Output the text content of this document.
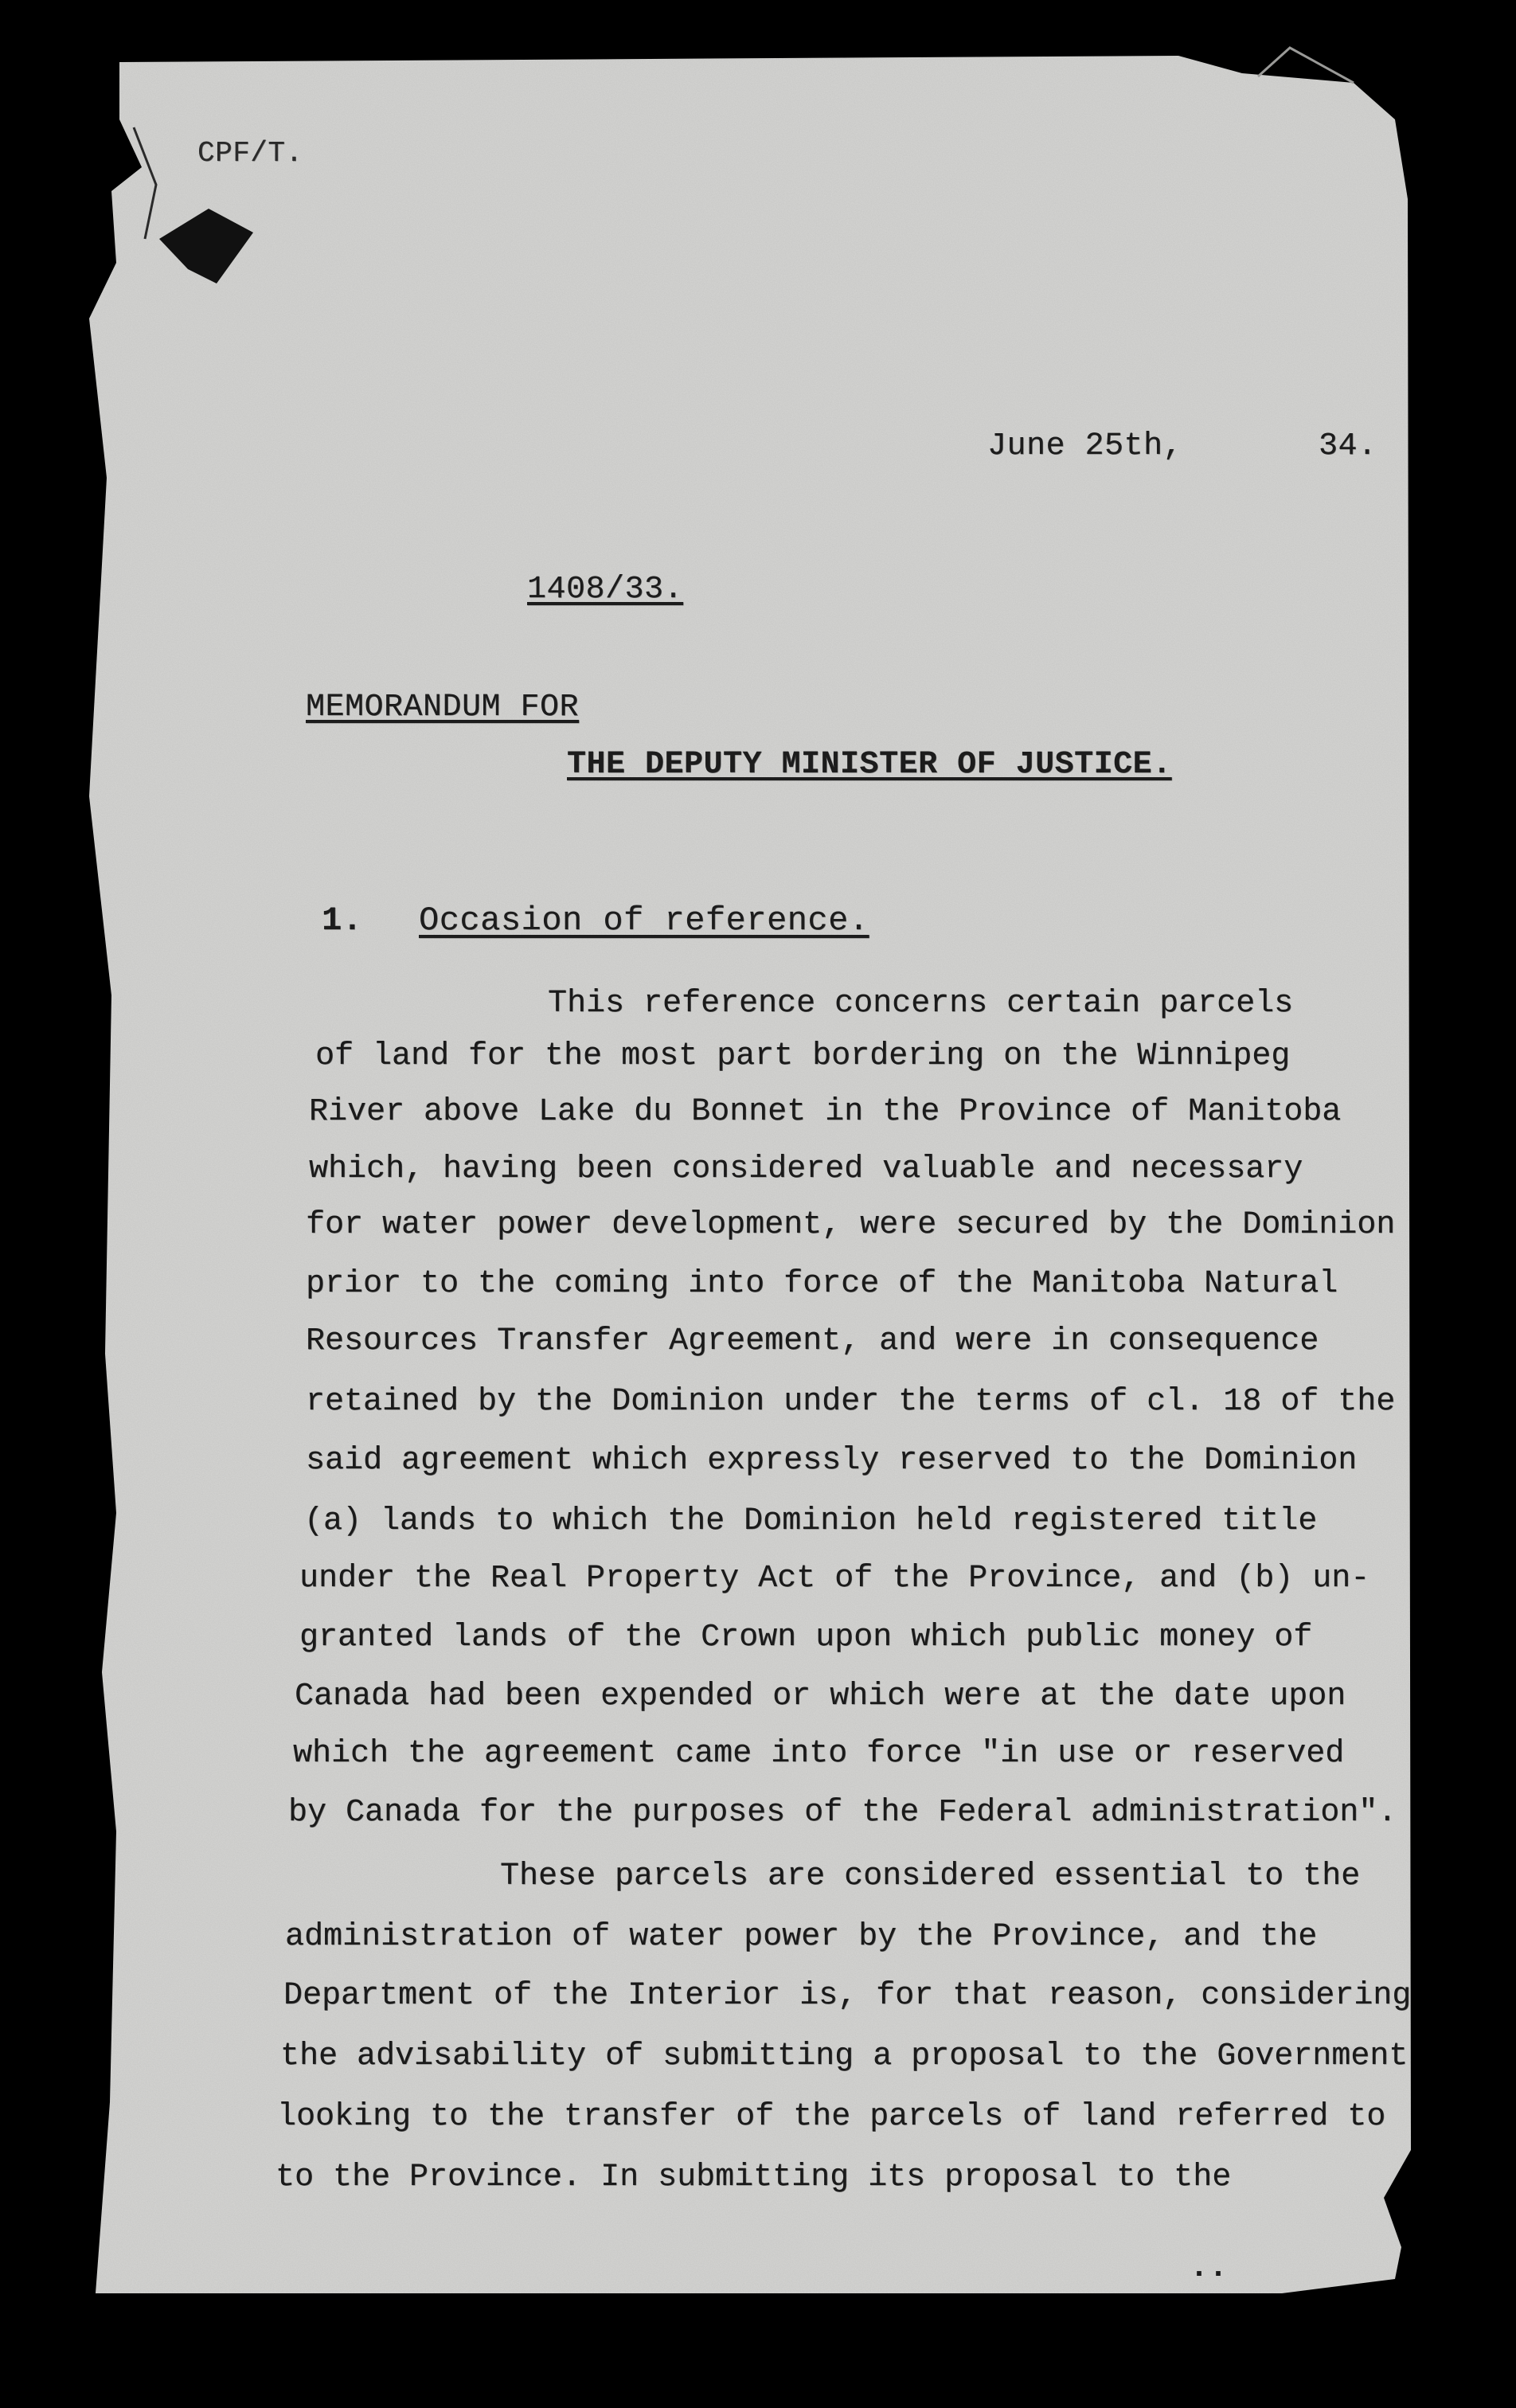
CPF/T.
June 25th,	34.
1408/33.
MEMORANDUM FOR
THE DEPUTY MINISTER OF JUSTICE.
1. Occasion of reference.
This reference concerns certain parcels
of land for the most part bordering on the Winnipeg
River above Lake du Bonnet in the Province of Manitoba
which, having been considered valuable and necessary
for water power development, were secured by the Dominion
prior to the coming into force of the Manitoba Natural
Resources Transfer Agreement, and were in consequence
retained by the Dominion under the terms of cl. 18 of the
said agreement which expressly reserved to the Dominion
(a) lands to which the Dominion held registered title
under the Real Property Act of the Province, and (b) un-
granted lands of the Crown upon which public money of
Canada had been expended or which were at the date upon
which the agreement came into force "in use or reserved
by Canada for the purposes of the Federal administration".
These parcels are considered essential to the
administration of water power by the Province, and the
Department of the Interior is, for that reason, considering
the advisability of submitting a proposal to the Government
looking to the transfer of the parcels of land referred to
to the Province. In submitting its proposal to the
..
